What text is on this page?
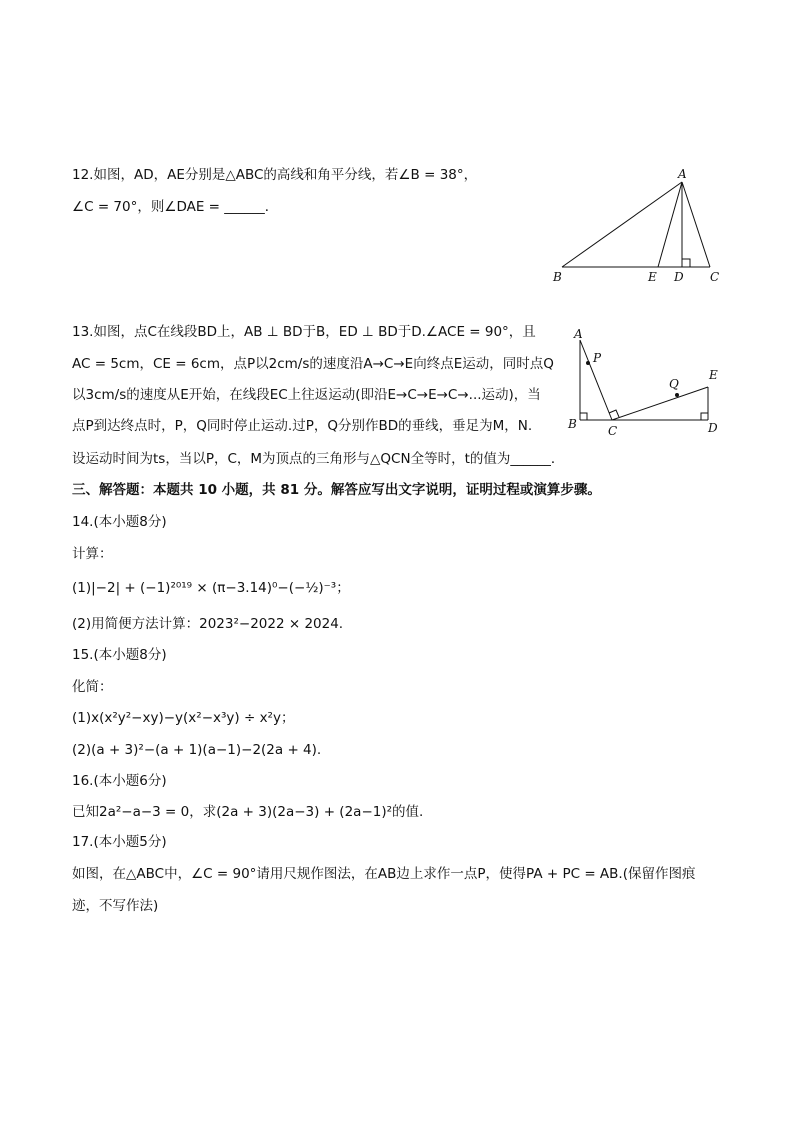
12.如图，AD，AE分别是△ABC的高线和角平分线，若∠B = 38°，
∠C = 70°，则∠DAE = ______．
A
B	E D C
13.如图，点C在线段BD上，AB ⊥ BD于B，ED ⊥ BD于D.∠ACE = 90°，且
AC = 5cm，CE = 6cm，点P以2cm/s的速度沿A→C→E向终点E运动，同时点Q
以3cm/s的速度从E开始，在线段EC上往返运动(即沿E→C→E→C→...运动)，当
点P到达终点时，P，Q同时停止运动.过P，Q分别作BD的垂线，垂足为M，N.
设运动时间为ts，当以P，C，M为顶点的三角形与△QCN全等时，t的值为______．
A
P
Q
E
B	C	D
三、解答题：本题共 10 小题，共 81 分。解答应写出文字说明，证明过程或演算步骤。
14.(本小题8分)
计算：
(1)|−2| + (−1)²⁰¹⁹ × (π−3.14)⁰−(−½)⁻³；
(2)用简便方法计算：2023²−2022 × 2024.
15.(本小题8分)
化简：
(1)x(x²y²−xy)−y(x²−x³y) ÷ x²y；
(2)(a + 3)²−(a + 1)(a−1)−2(2a + 4).
16.(本小题6分)
已知2a²−a−3 = 0，求(2a + 3)(2a−3) + (2a−1)²的值.
17.(本小题5分)
如图，在△ABC中，∠C = 90°请用尺规作图法，在AB边上求作一点P，使得PA + PC = AB.(保留作图痕
迹，不写作法)
